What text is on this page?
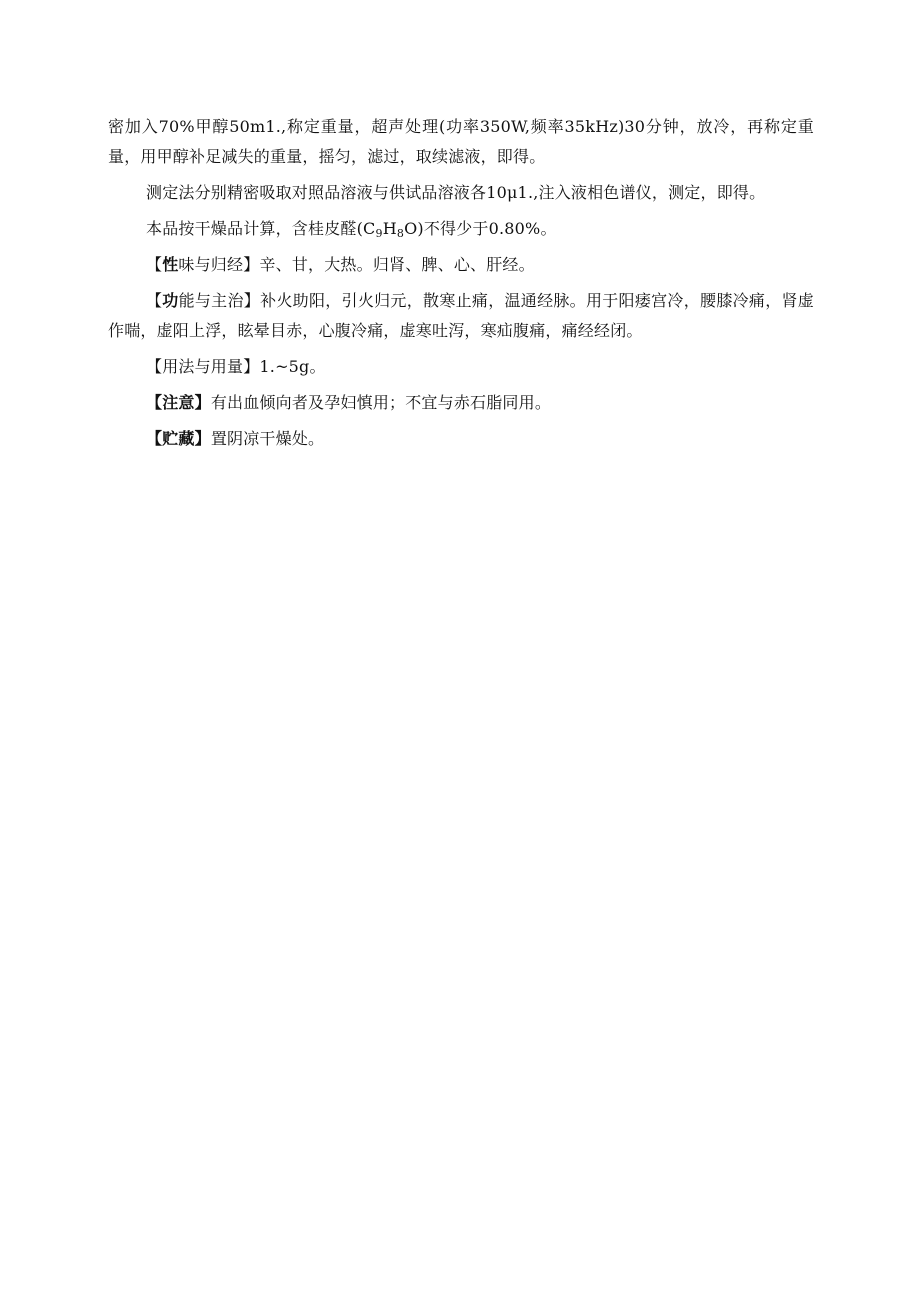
密加入70%甲醇50m1.,称定重量，超声处理(功率350W,频率35kHz)30分钟，放冷，再称定重量，用甲醇补足减失的重量，摇匀，滤过，取续滤液，即得。

测定法分别精密吸取对照品溶液与供试品溶液各10μ1.,注入液相色谱仪，测定，即得。

本品按干燥品计算，含桂皮醛$(C_9H_8O)$不得少于0.80%。

【性味与归经】辛、甘，大热。归肾、脾、心、肝经。

【功能与主治】补火助阳，引火归元，散寒止痛，温通经脉。用于阳痿宫冷，腰膝冷痛，肾虚作喘，虚阳上浮，眩晕目赤，心腹冷痛，虚寒吐泻，寒疝腹痛，痛经经闭。

【用法与用量】1.~5g。

【注意】有出血倾向者及孕妇慎用；不宜与赤石脂同用。

【贮藏】置阴凉干燥处。
